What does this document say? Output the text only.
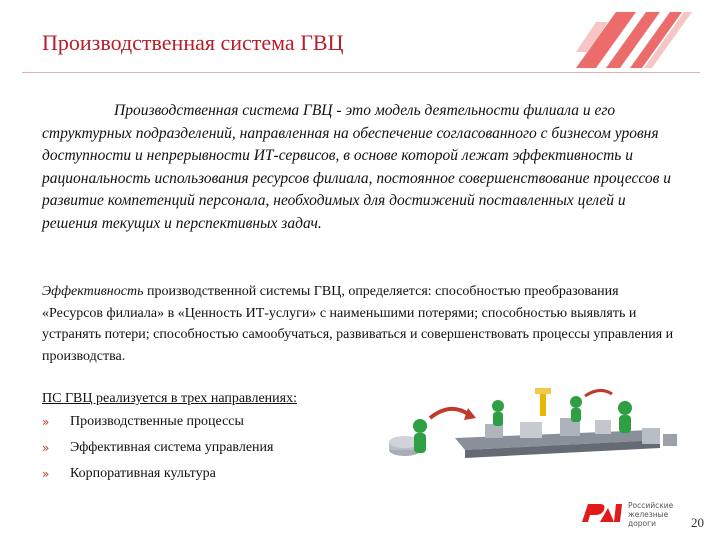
Производственная система ГВЦ
Производственная система ГВЦ - это модель деятельности филиала и его структурных подразделений, направленная на обеспечение согласованного с бизнесом уровня доступности и непрерывности ИТ-сервисов, в основе которой лежат эффективность и рациональность использования ресурсов филиала, постоянное совершенствование процессов и развитие компетенций персонала, необходимых для достижений поставленных целей и решения текущих и перспективных задач.
Эффективность производственной системы ГВЦ, определяется: способностью преобразования «Ресурсов филиала» в «Ценность ИТ-услуги» с наименьшими потерями; способностью выявлять и устранять потери; способностью самообучаться, развиваться и совершенствовать процессы управления и производства.
ПС ГВЦ реализуется в трех направлениях:
» Производственные процессы
» Эффективная система управления
» Корпоративная культура
РЖД
Российские
железные дороги	20
